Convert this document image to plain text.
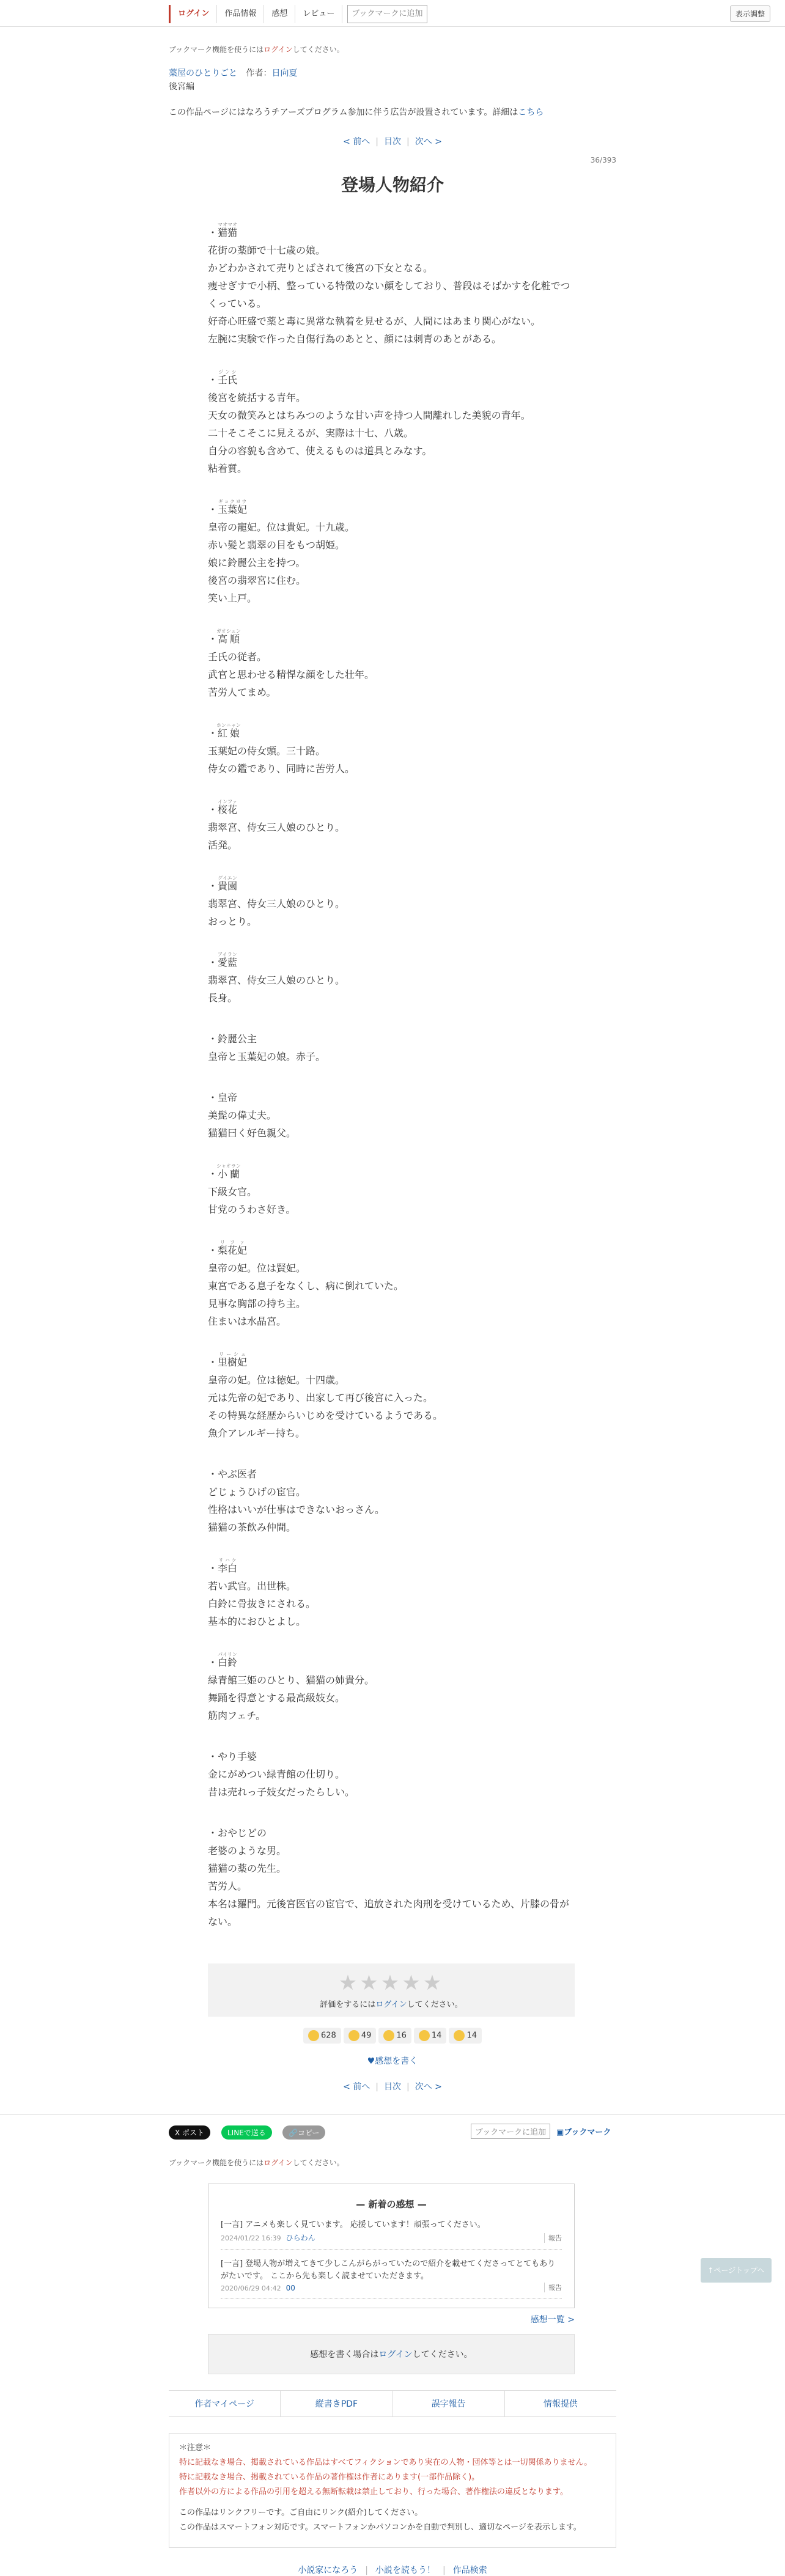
ログイン	作品情報	感想	レビュー	ブックマークに追加	表示調整
ブックマーク機能を使うにはログインしてください。
薬屋のひとりごと 作者：日向夏
後宮編
この作品ページにはなろうチアーズプログラム参加に伴う広告が設置されています。詳細はこちら
< 前へ | 目次 | 次へ >
36/393
登場人物紹介
・猫猫マオマオ
花街の薬師で十七歳の娘。
かどわかされて売りとばされて後宮の下女となる。
痩せぎすで小柄、整っている特徴のない顔をしており、普段はそばかすを化粧でつくっている。
好奇心旺盛で薬と毒に異常な執着を見せるが、人間にはあまり関心がない。
左腕に実験で作った自傷行為のあとと、顔には刺青のあとがある。
・壬氏ジンシ
後宮を統括する青年。
天女の微笑みとはちみつのような甘い声を持つ人間離れした美貌の青年。
二十そこそこに見えるが、実際は十七、八歳。
自分の容貌も含めて、使えるものは道具とみなす。
粘着質。
・玉葉妃ギョクヨウ
皇帝の寵妃。位は貴妃。十九歳。
赤い髪と翡翠の目をもつ胡姫。
娘に鈴麗公主を持つ。
後宮の翡翠宮に住む。
笑い上戸。
・高順ガオシュン
壬氏の従者。
武官と思わせる精悍な顔をした壮年。
苦労人てまめ。
・紅娘ホンニャン
玉葉妃の侍女頭。三十路。
侍女の鑑であり、同時に苦労人。
・桜花インファ
翡翠宮、侍女三人娘のひとり。
活発。
・貴園グイエン
翡翠宮、侍女三人娘のひとり。
おっとり。
・愛藍アイラン
翡翠宮、侍女三人娘のひとり。
長身。
・鈴麗公主
皇帝と玉葉妃の娘。赤子。
・皇帝
美髭の偉丈夫。
猫猫曰く好色親父。
・小蘭シャオラン
下級女官。
甘党のうわさ好き。
・梨花妃リファ
皇帝の妃。位は賢妃。
東宮である息子をなくし、病に倒れていた。
見事な胸部の持ち主。
住まいは水晶宮。
・里樹妃リーシュ
皇帝の妃。位は徳妃。十四歳。
元は先帝の妃であり、出家して再び後宮に入った。
その特異な経歴からいじめを受けているようである。
魚介アレルギー持ち。
・やぶ医者
どじょうひげの宦官。
性格はいいが仕事はできないおっさん。
猫猫の茶飲み仲間。
・李白リハク
若い武官。出世株。
白鈴に骨抜きにされる。
基本的におひとよし。
・白鈴パイリン
緑青館三姫のひとり、猫猫の姉貴分。
舞踊を得意とする最高級妓女。
筋肉フェチ。
・やり手婆
金にがめつい緑青館の仕切り。
昔は売れっ子妓女だったらしい。
・おやじどの
老婆のような男。
猫猫の薬の先生。
苦労人。
本名は羅門。元後宮医官の宦官で、追放された肉刑を受けているため、片膝の骨がない。
★★★★★
評価をするにはログインしてください。
628	49	16	14	14
♥感想を書く
< 前へ | 目次 | 次へ >
X ポスト	LINEで送る	🔗コピー	ブックマークに追加	▣ブックマーク
ブックマーク機能を使うにはログインしてください。
— 新着の感想 —
[一言] アニメも楽しく見ています。 応援しています！頑張ってください。
2024/01/22 16:39 ひらわん	報告
[一言] 登場人物が増えてきて少しこんがらがっていたので紹介を載せてくださってとてもありがたいです。 ここから先も楽しく読ませていただきます。
2020/06/29 04:42 00	報告
感想一覧 >
感想を書く場合はログインしてください。
作者マイページ	縦書きPDF	誤字報告	情報提供
＊注意＊
特に記載なき場合、掲載されている作品はすべてフィクションであり実在の人物・団体等とは一切関係ありません。
特に記載なき場合、掲載されている作品の著作権は作者にあります(一部作品除く)。
作者以外の方による作品の引用を超える無断転載は禁止しており、行った場合、著作権法の違反となります。
この作品はリンクフリーです。ご自由にリンク(紹介)してください。
この作品はスマートフォン対応です。スマートフォンかパソコンかを自動で判別し、適切なページを表示します。
小説家になろう | 小説を読もう！ | 作品検索
↑ページトップへ
